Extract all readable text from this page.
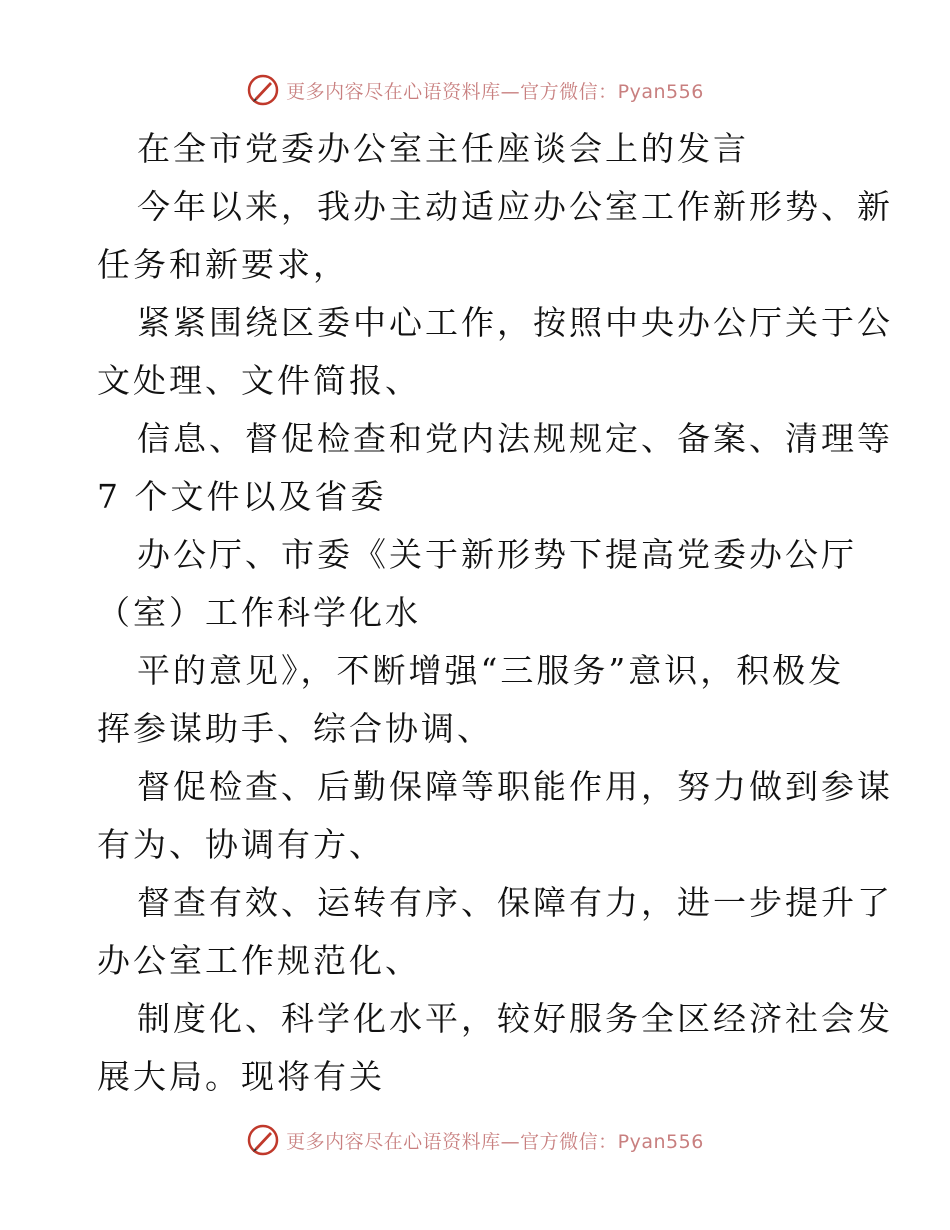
更多内容尽在心语资料库—官方微信：Pyan556

在全市党委办公室主任座谈会上的发言

今年以来，我办主动适应办公室工作新形势、新
任务和新要求，

紧紧围绕区委中心工作，按照中央办公厅关于公
文处理、文件简报、

信息、督促检查和党内法规规定、备案、清理等
7 个文件以及省委

办公厅、市委《关于新形势下提高党委办公厅
（室）工作科学化水

平的意见》，不断增强“三服务”意识，积极发
挥参谋助手、综合协调、

督促检查、后勤保障等职能作用，努力做到参谋
有为、协调有方、

督查有效、运转有序、保障有力，进一步提升了
办公室工作规范化、

制度化、科学化水平，较好服务全区经济社会发
展大局。现将有关

更多内容尽在心语资料库—官方微信：Pyan556
